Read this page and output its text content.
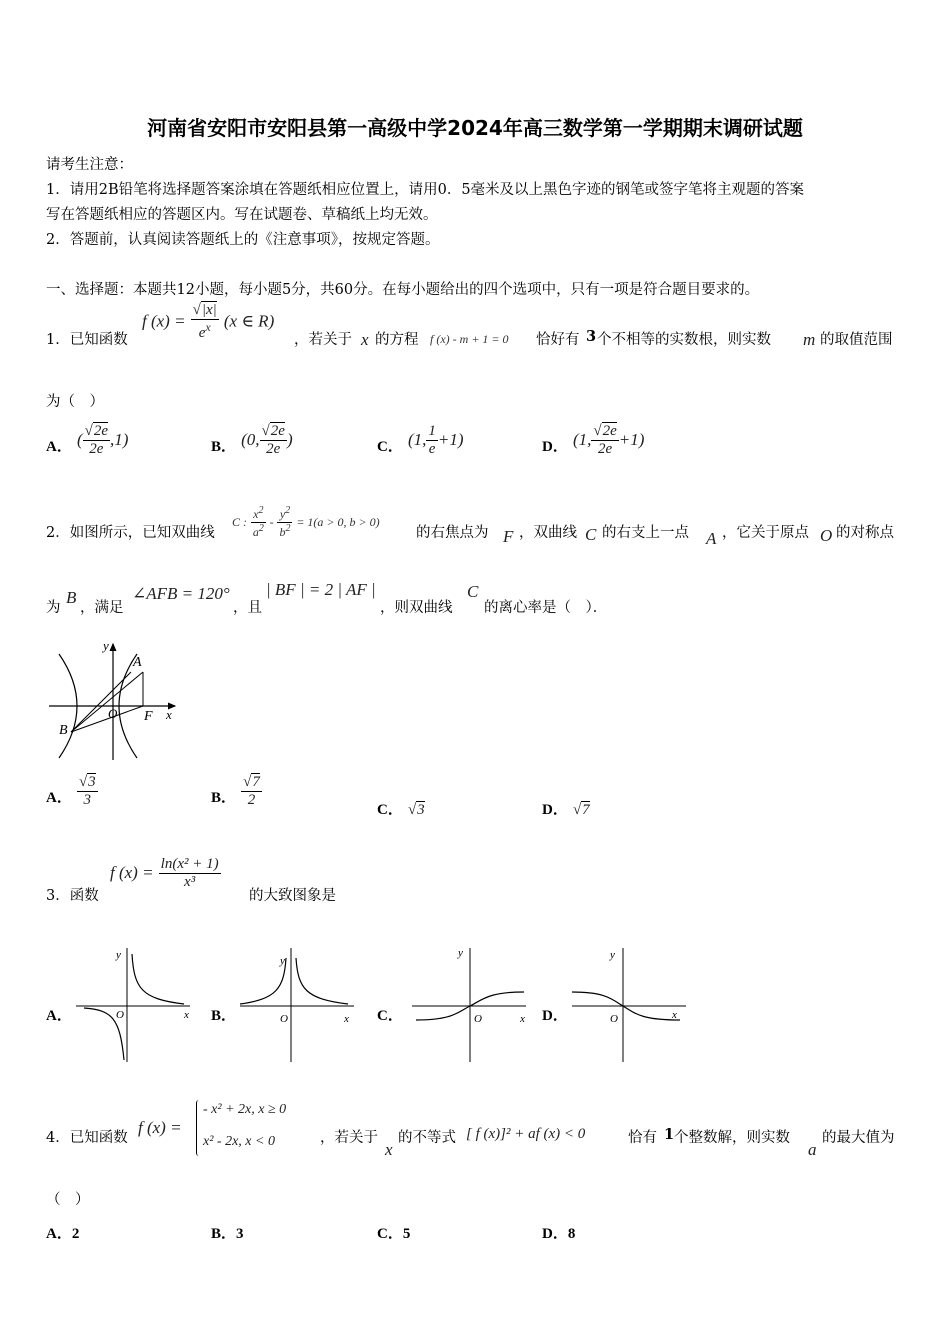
河南省安阳市安阳县第一高级中学2024年高三数学第一学期期末调研试题
请考生注意：
1．请用2B铅笔将选择题答案涂填在答题纸相应位置上，请用0．5毫米及以上黑色字迹的钢笔或签字笔将主观题的答案
写在答题纸相应的答题区内。写在试题卷、草稿纸上均无效。
2．答题前，认真阅读答题纸上的《注意事项》，按规定答题。
一、选择题：本题共12小题，每小题5分，共60分。在每小题给出的四个选项中，只有一项是符合题目要求的。
1．已知函数
f $(x) = \frac{√|x|}{e^x} (x$ ∈ R)
，若关于 x 的方程 f (x) - m + 1 = 0 恰好有 3 个不相等的实数根，则实数 m 的取值范围
为（　）
A． ( $\frac{√2e}{2e} ,1$)	B． (0, $\frac{√2e}{2e}$ )	C． (1, $\frac{1}{e} +1$)	D． (1, $\frac{√2e}{2e} +1$)
2．如图所示，已知双曲线
C : $\frac{x^2}{a^2} - \frac{y^2}{b^2} = 1(a > 0$, b > 0)
的右焦点为 F ，双曲线 C 的右支上一点 A ，它关于原点 O 的对称点
为
B
，满足
∠AFB = 120°
，且
| BF | = 2 | AF |
，则双曲线
C
的离心率是（　）．
y
x
A
B
O F
A． $\frac{√3}{3}$	B． $\frac{√7}{2}$
C． √3	D． √7
3．函数
f $(x) = \frac{\text{ln(x² + 1)}}{\text{x³}}$
的大致图象是
A．
y
x
O	B．
y
x
O	C．
y
x
O	D．
y
x
O
4．已知函数
f (x) =
- x² + 2x, x ≥ 0
x² - 2x, x < 0	，若关于
x
的不等式 [ f (x)]² + af (x) < 0	恰有 1 个整数解，则实数
a
的最大值为
（　）
A．2	B．3	C．5	D．8
